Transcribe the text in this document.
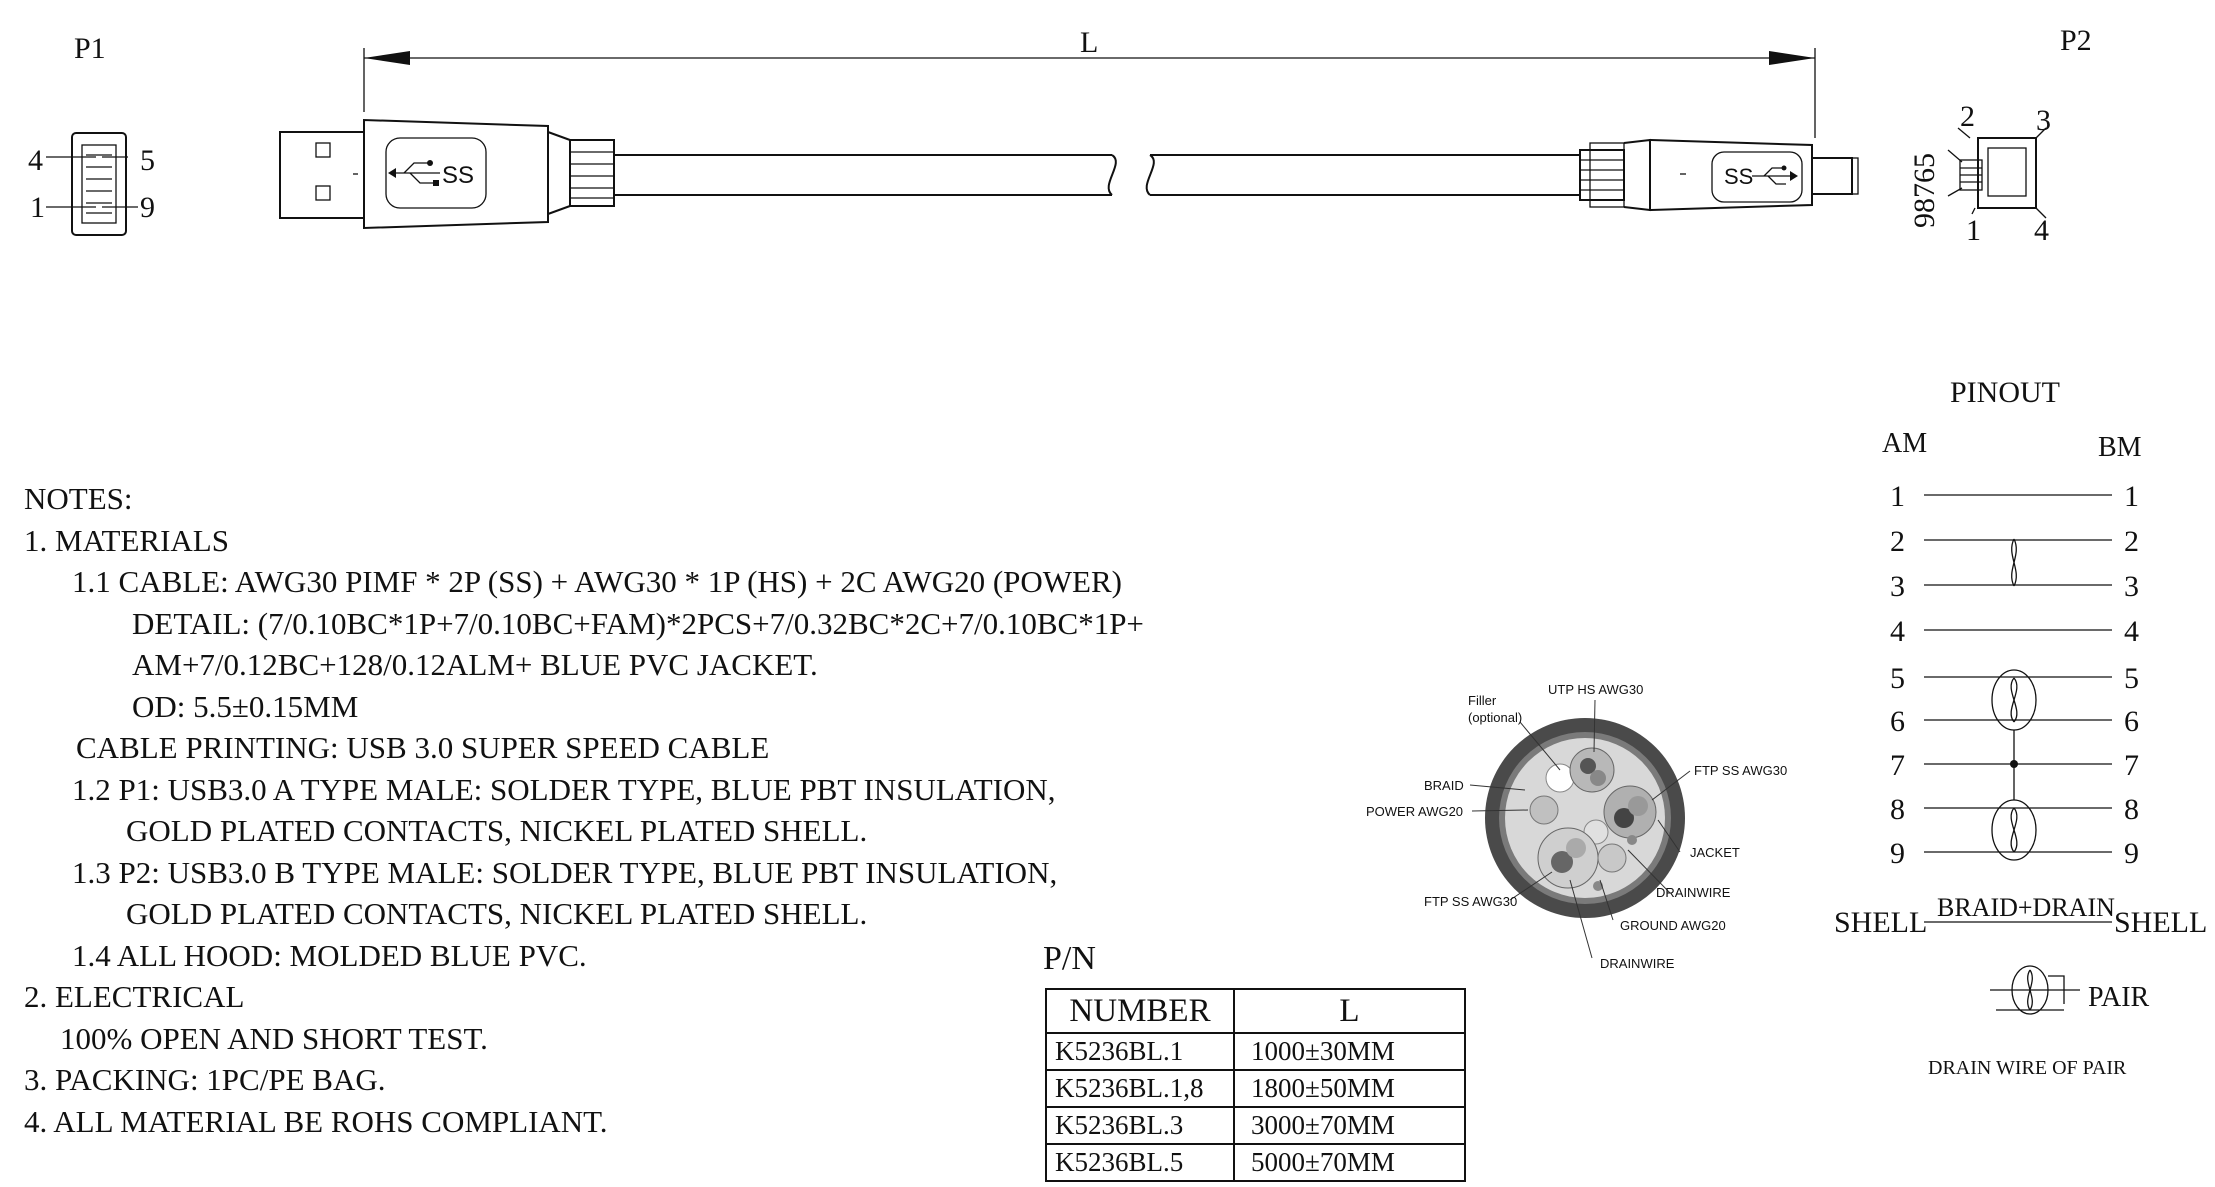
P1	P2
4	5
1	9
L
SS	SS
2 3
1 4
98765
Filler
(optional)
UTP HS AWG30
BRAID
POWER AWG20
FTP SS AWG30
JACKET
DRAINWIRE
FTP SS AWG30
GROUND AWG20
DRAINWIRE
PINOUT
AM	BM
1	1
2	2
3	3
4	4
5	5
6	6
7	7
8	8
9	9
SHELL BRAID+DRAIN SHELL
PAIR
DRAIN WIRE OF PAIR
NOTES:
1. MATERIALS
1.1 CABLE: AWG30 PIMF * 2P (SS) + AWG30 * 1P (HS) + 2C AWG20 (POWER)
DETAIL: (7/0.10BC*1P+7/0.10BC+FAM)*2PCS+7/0.32BC*2C+7/0.10BC*1P+
AM+7/0.12BC+128/0.12ALM+ BLUE PVC JACKET.
OD: 5.5±0.15MM
CABLE PRINTING: USB 3.0 SUPER SPEED CABLE
1.2 P1: USB3.0 A TYPE MALE: SOLDER TYPE, BLUE PBT INSULATION,
GOLD PLATED CONTACTS, NICKEL PLATED SHELL.
1.3 P2: USB3.0 B TYPE MALE: SOLDER TYPE, BLUE PBT INSULATION,
GOLD PLATED CONTACTS, NICKEL PLATED SHELL.
1.4 ALL HOOD: MOLDED BLUE PVC.
2. ELECTRICAL
100% OPEN AND SHORT TEST.
3. PACKING: 1PC/PE BAG.
4. ALL MATERIAL BE ROHS COMPLIANT.
P/N
NUMBER	L
K5236BL.1	1000±30MM
K5236BL.1,8	1800±50MM
K5236BL.3	3000±70MM
K5236BL.5	5000±70MM
